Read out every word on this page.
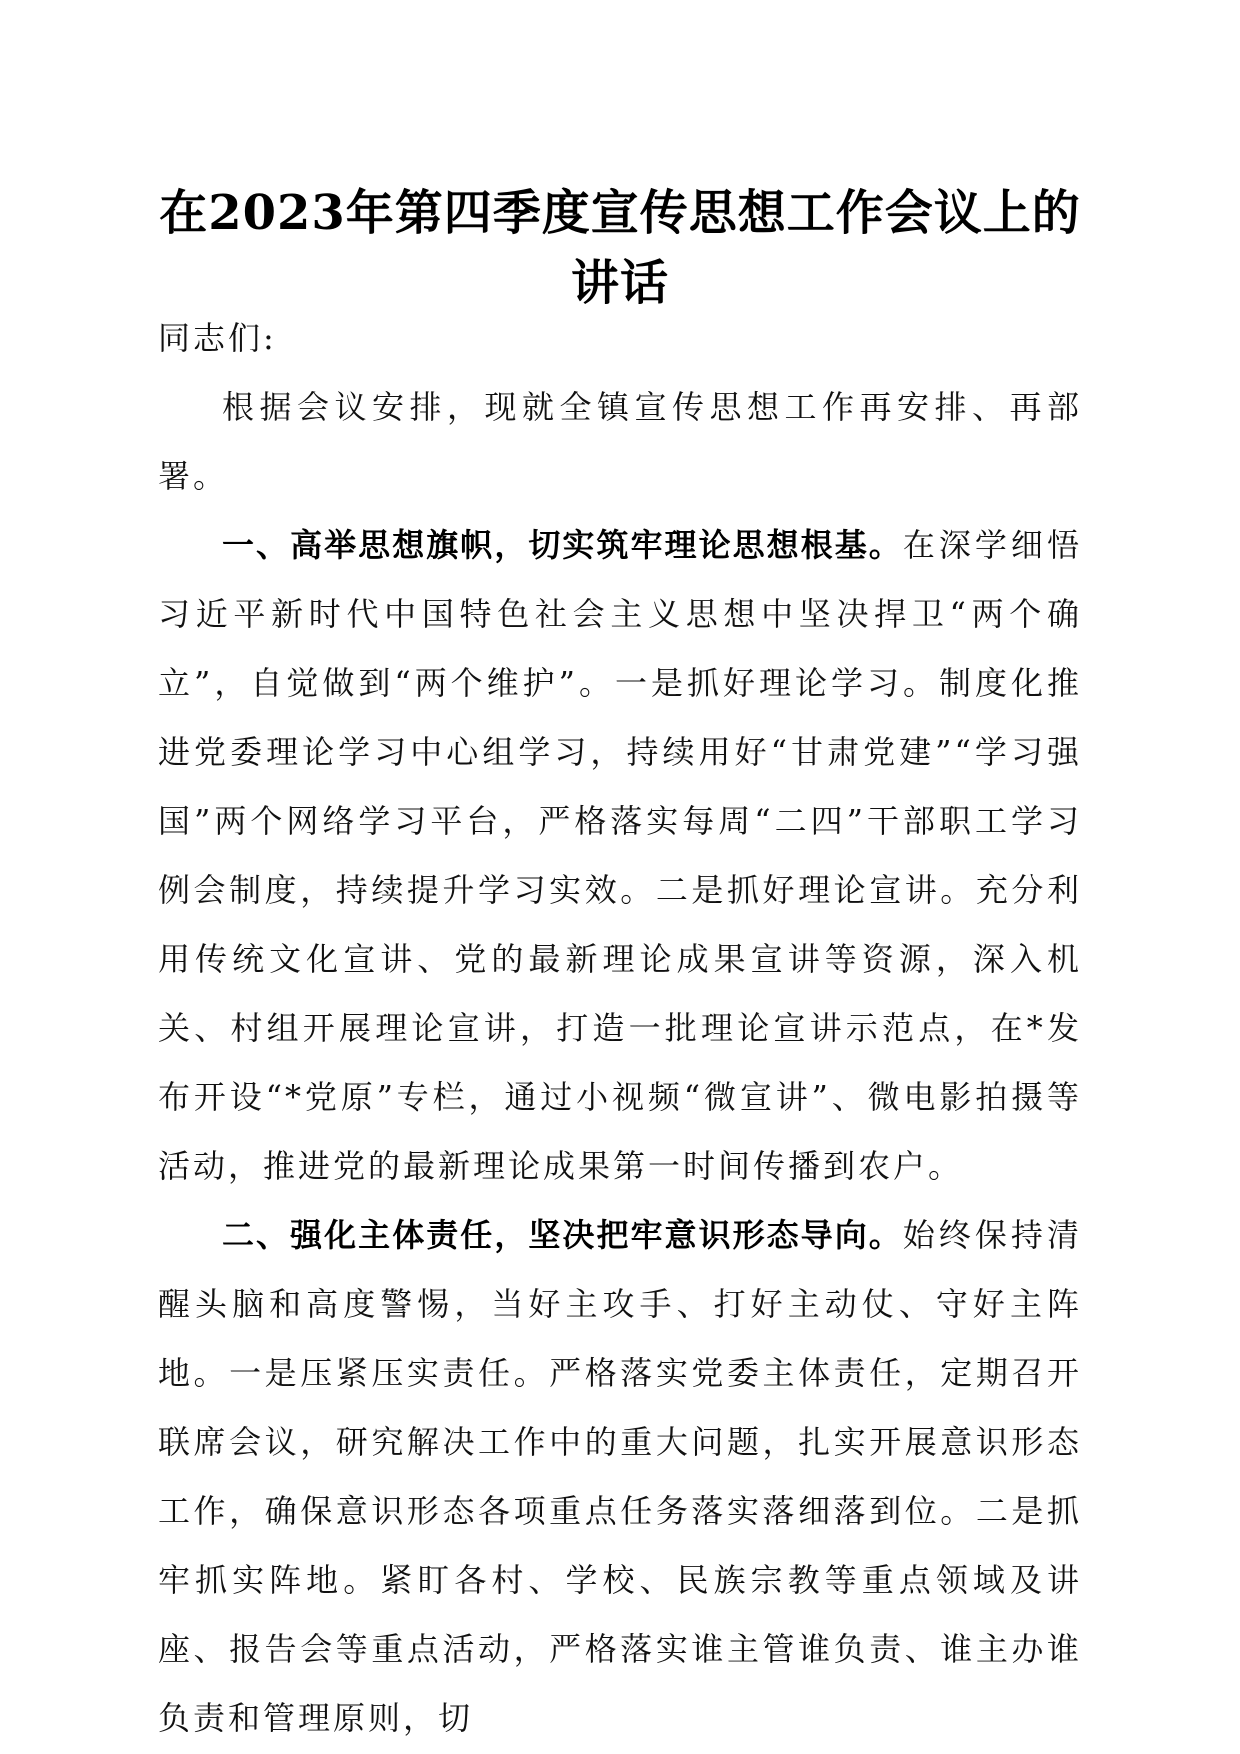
在2023年第四季度宣传思想工作会议上的讲话

同志们:

根据会议安排，现就全镇宣传思想工作再安排、再部署。

一、高举思想旗帜，切实筑牢理论思想根基。在深学细悟习近平新时代中国特色社会主义思想中坚决捍卫“两个确立”，自觉做到“两个维护”。一是抓好理论学习。制度化推进党委理论学习中心组学习，持续用好“甘肃党建”“学习强国”两个网络学习平台，严格落实每周“二四”干部职工学习例会制度，持续提升学习实效。二是抓好理论宣讲。充分利用传统文化宣讲、党的最新理论成果宣讲等资源，深入机关、村组开展理论宣讲，打造一批理论宣讲示范点，在*发布开设“*党原”专栏，通过小视频“微宣讲”、微电影拍摄等活动，推进党的最新理论成果第一时间传播到农户。

二、强化主体责任，坚决把牢意识形态导向。始终保持清醒头脑和高度警惕，当好主攻手、打好主动仗、守好主阵地。一是压紧压实责任。严格落实党委主体责任，定期召开联席会议，研究解决工作中的重大问题，扎实开展意识形态工作，确保意识形态各项重点任务落实落细落到位。二是抓牢抓实阵地。紧盯各村、学校、民族宗教等重点领域及讲座、报告会等重点活动，严格落实谁主管谁负责、谁主办谁负责和管理原则，切
